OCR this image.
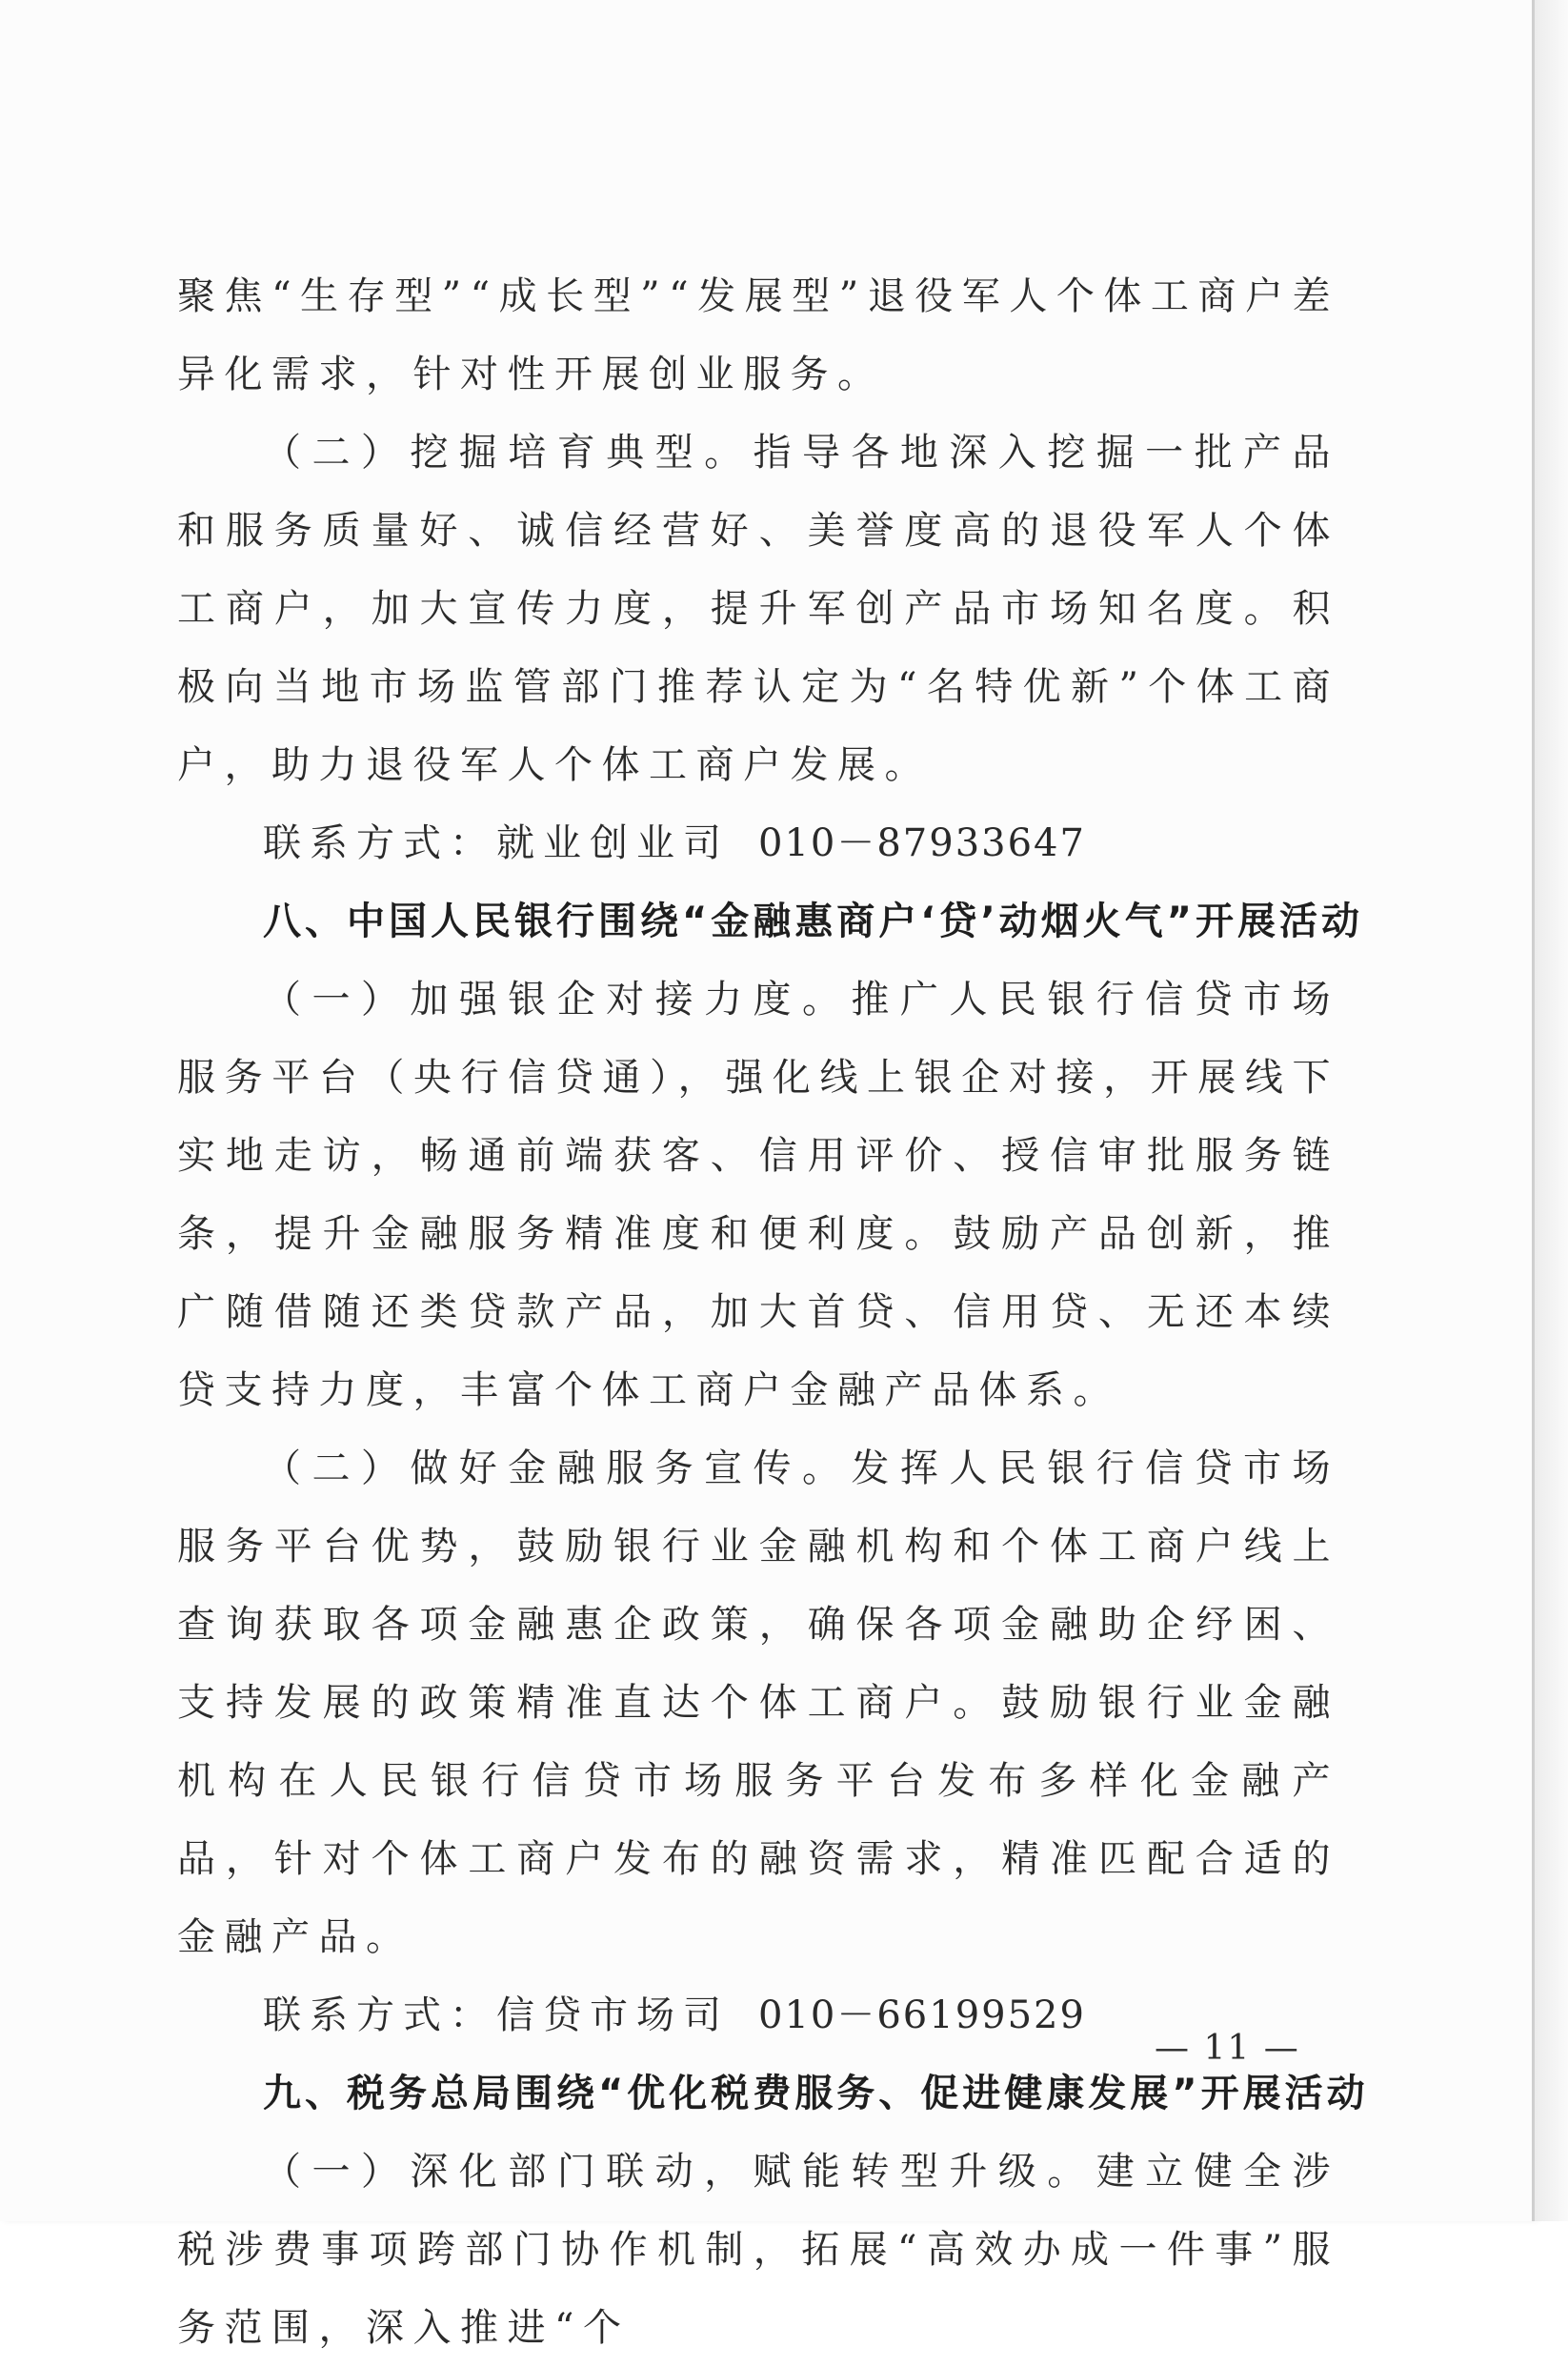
聚焦“生存型”“成长型”“发展型”退役军人个体工商户差异化需求，针对性开展创业服务。

（二）挖掘培育典型。指导各地深入挖掘一批产品和服务质量好、诚信经营好、美誉度高的退役军人个体工商户，加大宣传力度，提升军创产品市场知名度。积极向当地市场监管部门推荐认定为“名特优新”个体工商户，助力退役军人个体工商户发展。

联系方式：就业创业司 010－87933647

八、中国人民银行围绕“金融惠商户‘贷’动烟火气”开展活动

（一）加强银企对接力度。推广人民银行信贷市场服务平台（央行信贷通），强化线上银企对接，开展线下实地走访，畅通前端获客、信用评价、授信审批服务链条，提升金融服务精准度和便利度。鼓励产品创新，推广随借随还类贷款产品，加大首贷、信用贷、无还本续贷支持力度，丰富个体工商户金融产品体系。

（二）做好金融服务宣传。发挥人民银行信贷市场服务平台优势，鼓励银行业金融机构和个体工商户线上查询获取各项金融惠企政策，确保各项金融助企纾困、支持发展的政策精准直达个体工商户。鼓励银行业金融机构在人民银行信贷市场服务平台发布多样化金融产品，针对个体工商户发布的融资需求，精准匹配合适的金融产品。

联系方式：信贷市场司 010－66199529

九、税务总局围绕“优化税费服务、促进健康发展”开展活动

（一）深化部门联动，赋能转型升级。建立健全涉税涉费事项跨部门协作机制，拓展“高效办成一件事”服务范围，深入推进“个

— 11 —
